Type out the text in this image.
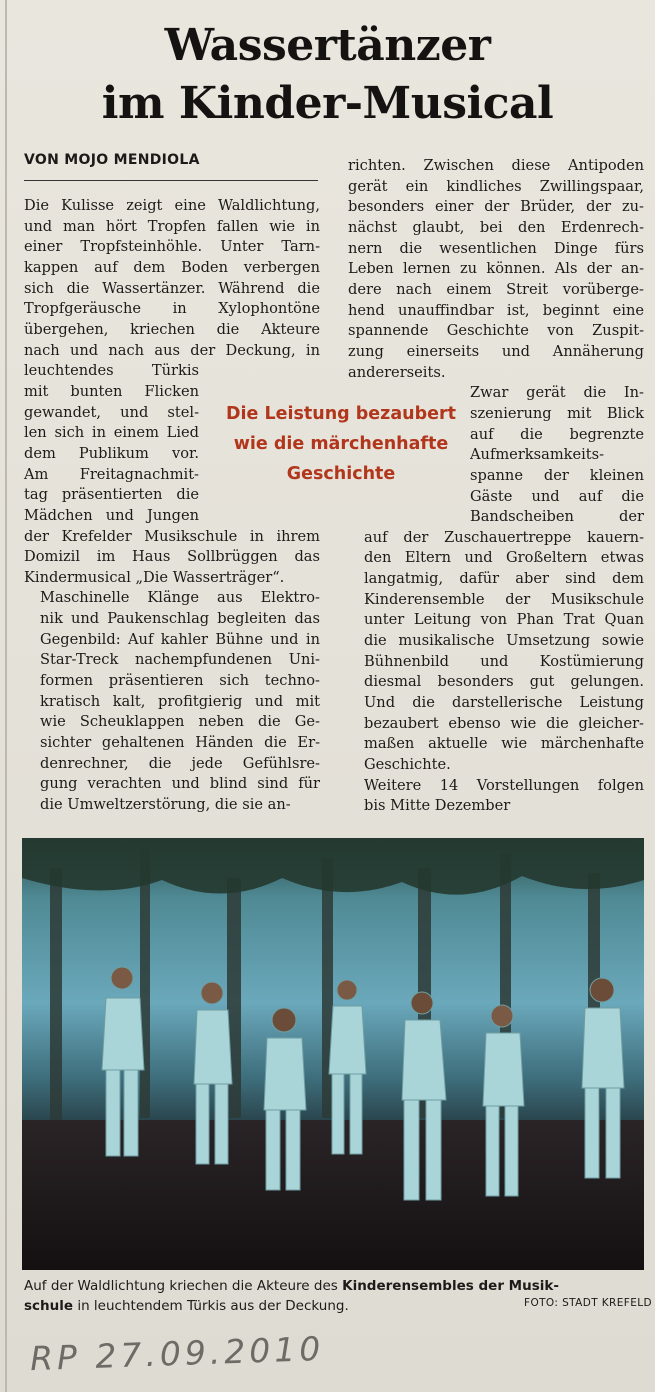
Wassertänzer
im Kinder-Musical
VON MOJO MENDIOLA

Die Kulisse zeigt eine Waldlichtung,
und man hört Tropfen fallen wie in
einer Tropfsteinhöhle. Unter Tarn-
kappen auf dem Boden verbergen
sich die Wassertänzer. Während die
Tropfgeräusche in Xylophontöne
übergehen, kriechen die Akteure
nach und nach aus der Deckung, in
leuchtendes Türkis
mit bunten Flicken
gewandet, und stel-
len sich in einem Lied
dem Publikum vor.
Am Freitagnachmit-
tag präsentierten die
Mädchen und Jungen
der Krefelder Musikschule in ihrem
Domizil im Haus Sollbrüggen das
Kindermusical „Die Wasserträger“.

Maschinelle Klänge aus Elektro-
nik und Paukenschlag begleiten das
Gegenbild: Auf kahler Bühne und in
Star-Treck nachempfundenen Uni-
formen präsentieren sich techno-
kratisch kalt, profitgierig und mit
wie Scheuklappen neben die Ge-
sichter gehaltenen Händen die Er-
denrechner, die jede Gefühlsre-
gung verachten und blind sind für
die Umweltzerstörung, die sie an-

richten. Zwischen diese Antipoden
gerät ein kindliches Zwillingspaar,
besonders einer der Brüder, der zu-
nächst glaubt, bei den Erdenrech-
nern die wesentlichen Dinge fürs
Leben lernen zu können. Als der an-
dere nach einem Streit vorüberge-
hend unauffindbar ist, beginnt eine
spannende Geschichte von Zuspit-
zung einerseits und Annäherung
andererseits.

Zwar gerät die In-
szenierung mit Blick
auf die begrenzte
Aufmerksamkeits-
spanne der kleinen
Gäste und auf die
Bandscheiben der
auf der Zuschauertreppe kauern-
den Eltern und Großeltern etwas
langatmig, dafür aber sind dem
Kinderensemble der Musikschule
unter Leitung von Phan Trat Quan
die musikalische Umsetzung sowie
Bühnenbild und Kostümierung
diesmal besonders gut gelungen.
Und die darstellerische Leistung
bezaubert ebenso wie die gleicher-
maßen aktuelle wie märchenhafte
Geschichte.

Weitere 14 Vorstellungen folgen
bis Mitte Dezember

Die Leistung bezaubert
wie die märchenhafte
Geschichte
Auf der Waldlichtung kriechen die Akteure des Kinderensembles der Musik-
schule in leuchtendem Türkis aus der Deckung.	FOTO: STADT KREFELD
RP 27.09.2010
